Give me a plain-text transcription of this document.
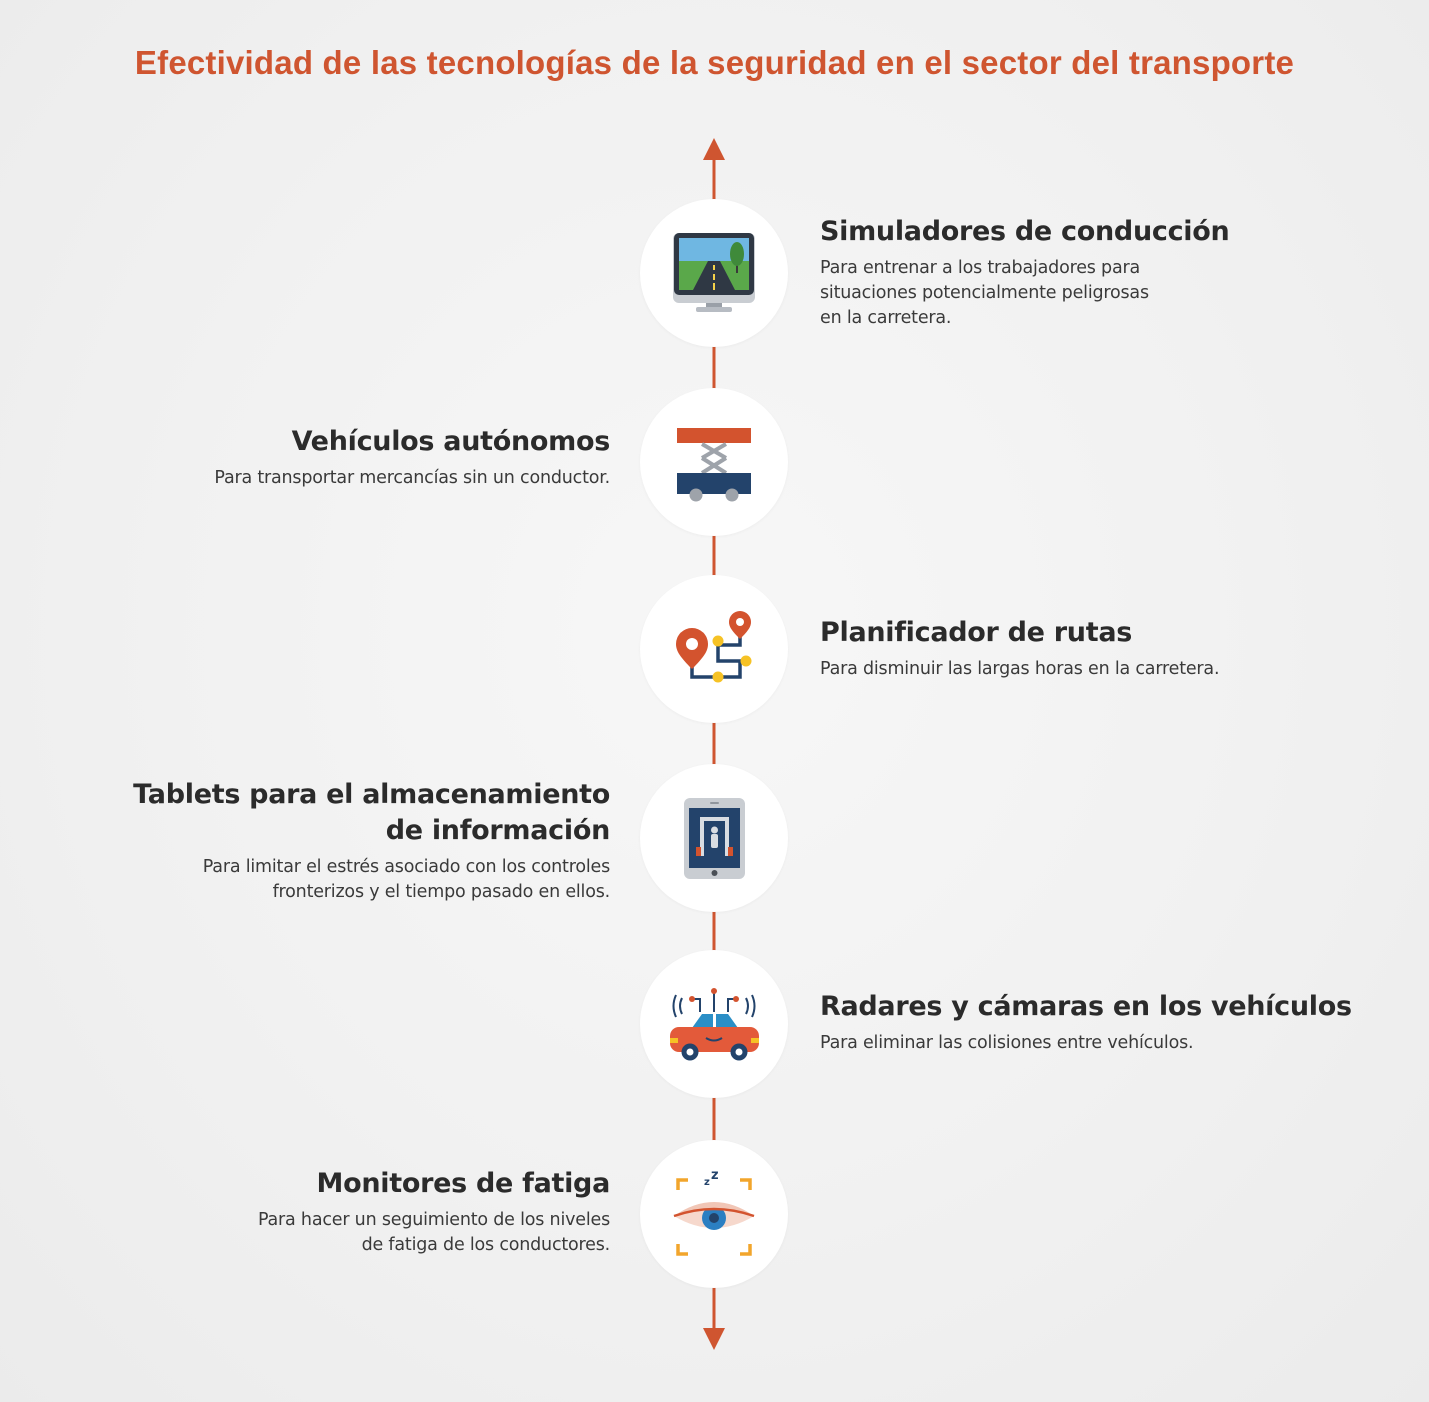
Efectividad de las tecnologías de la seguridad en el sector del transporte
Simuladores de conducción

Para entrenar a los trabajadores para
situaciones potencialmente peligrosas
en la carretera.

Vehículos autónomos

Para transportar mercancías sin un conductor.

Planificador de rutas

Para disminuir las largas horas en la carretera.

Tablets para el almacenamiento
de información

Para limitar el estrés asociado con los controles
fronterizos y el tiempo pasado en ellos.

Radares y cámaras en los vehículos

Para eliminar las colisiones entre vehículos.

z z
Monitores de fatiga

Para hacer un seguimiento de los niveles
de fatiga de los conductores.
